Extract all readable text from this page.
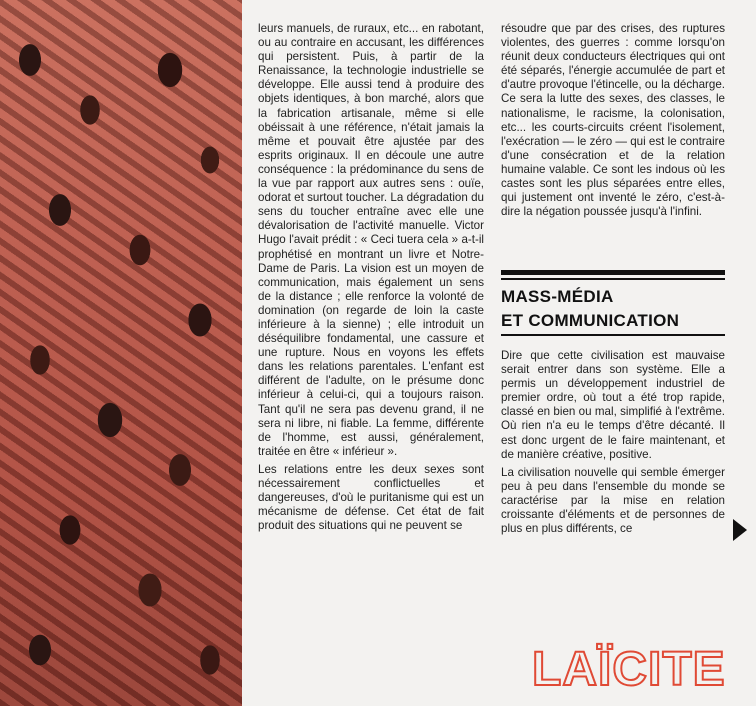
leurs manuels, de ruraux, etc... en rabotant, ou au contraire en accusant, les différences qui persistent. Puis, à partir de la Renaissance, la technologie industrielle se développe. Elle aussi tend à produire des objets identiques, à bon marché, alors que la fabrication artisanale, même si elle obéissait à une référence, n'était jamais la même et pouvait être ajustée par des esprits originaux. Il en découle une autre conséquence : la prédominance du sens de la vue par rapport aux autres sens : ouïe, odorat et surtout toucher. La dégradation du sens du toucher entraîne avec elle une dévalorisation de l'activité manuelle. Victor Hugo l'avait prédit : « Ceci tuera cela » a-t-il prophétisé en montrant un livre et Notre-Dame de Paris. La vision est un moyen de communication, mais également un sens de la distance ; elle renforce la volonté de domination (on regarde de loin la caste inférieure à la sienne) ; elle introduit un déséquilibre fondamental, une cassure et une rupture. Nous en voyons les effets dans les relations parentales. L'enfant est différent de l'adulte, on le présume donc inférieur à celui-ci, qui a toujours raison. Tant qu'il ne sera pas devenu grand, il ne sera ni libre, ni fiable. La femme, différente de l'homme, est aussi, généralement, traitée en être « inférieur ».

Les relations entre les deux sexes sont nécessairement conflictuelles et dangereuses, d'où le puritanisme qui est un mécanisme de défense. Cet état de fait produit des situations qui ne peuvent se

résoudre que par des crises, des ruptures violentes, des guerres : comme lorsqu'on réunit deux conducteurs électriques qui ont été séparés, l'énergie accumulée de part et d'autre provoque l'étincelle, ou la décharge. Ce sera la lutte des sexes, des classes, le nationalisme, le racisme, la colonisation, etc... les courts-circuits créent l'isolement, l'exécration — le zéro — qui est le contraire d'une consécration et de la relation humaine valable. Ce sont les indous où les castes sont les plus séparées entre elles, qui justement ont inventé le zéro, c'est-à-dire la négation poussée jusqu'à l'infini.

MASS-MÉDIA
ET COMMUNICATION

Dire que cette civilisation est mauvaise serait entrer dans son système. Elle a permis un développement industriel de premier ordre, où tout a été trop rapide, classé en bien ou mal, simplifié à l'extrême. Où rien n'a eu le temps d'être décanté. Il est donc urgent de le faire maintenant, et de manière créative, positive.

La civilisation nouvelle qui semble émerger peu à peu dans l'ensemble du monde se caractérise par la mise en relation croissante d'éléments et de personnes de plus en plus différents, ce

LAÏCITE
